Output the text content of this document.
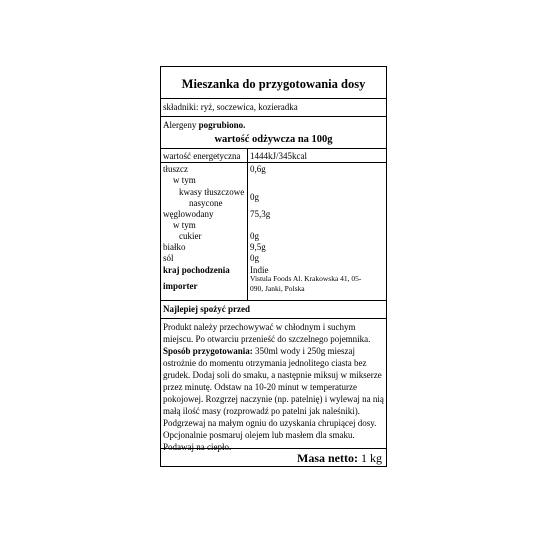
Mieszanka do przygotowania dosy
składniki: ryż, soczewica, kozieradka
Alergeny pogrubiono.
wartość odżywcza na 100g
wartość energetyczna 1444kJ/345kcal
tłuszcz	0,6g
w tym
kwasy tłuszczowe
nasycone
0g
węglowodany	75,3g
w tym
cukier	0g
białko	9,5g
sól	0g
kraj pochodzenia Indie
importer
Vistula Foods Al. Krakowska 41, 05-
090, Janki, Polska
Najlepiej spożyć przed
Produkt należy przechowywać w chłodnym i suchym miejscu. Po otwarciu przenieść do szczelnego pojemnika.
Sposób przygotowania: 350ml wody i 250g mieszaj ostrożnie do momentu otrzymania jednolitego ciasta bez grudek. Dodaj soli do smaku, a następnie miksuj w mikserze przez minutę. Odstaw na 10-20 minut w temperaturze pokojowej. Rozgrzej naczynie (np. patelnię) i wylewaj na nią małą ilość masy (rozprowadź po patelni jak naleśniki). Podgrzewaj na małym ogniu do uzyskania chrupiącej dosy. Opcjonalnie posmaruj olejem lub masłem dla smaku. Podawaj na ciepło.
Masa netto: 1 kg
